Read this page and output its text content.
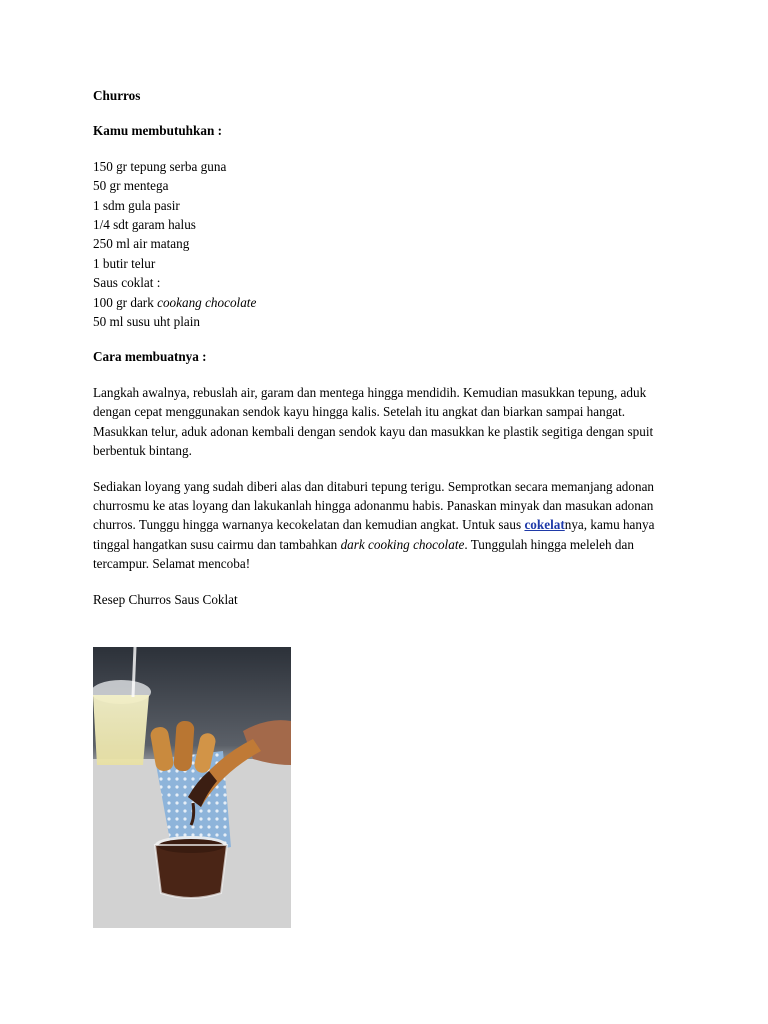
Churros

Kamu membutuhkan :

150 gr tepung serba guna
50 gr mentega
1 sdm gula pasir
1/4 sdt garam halus
250 ml air matang
1 butir telur
Saus coklat :
100 gr dark cookang chocolate
50 ml susu uht plain

Cara membuatnya :

Langkah awalnya, rebuslah air, garam dan mentega hingga mendidih. Kemudian masukkan tepung, aduk dengan cepat menggunakan sendok kayu hingga kalis. Setelah itu angkat dan biarkan sampai hangat. Masukkan telur, aduk adonan kembali dengan sendok kayu dan masukkan ke plastik segitiga dengan spuit berbentuk bintang.

Sediakan loyang yang sudah diberi alas dan ditaburi tepung terigu. Semprotkan secara memanjang adonan churrosmu ke atas loyang dan lakukanlah hingga adonanmu habis. Panaskan minyak dan masukan adonan churros. Tunggu hingga warnanya kecokelatan dan kemudian angkat. Untuk saus cokelatnya, kamu hanya tinggal hangatkan susu cairmu dan tambahkan dark cooking chocolate. Tunggulah hingga meleleh dan tercampur. Selamat mencoba!

Resep Churros Saus Coklat
